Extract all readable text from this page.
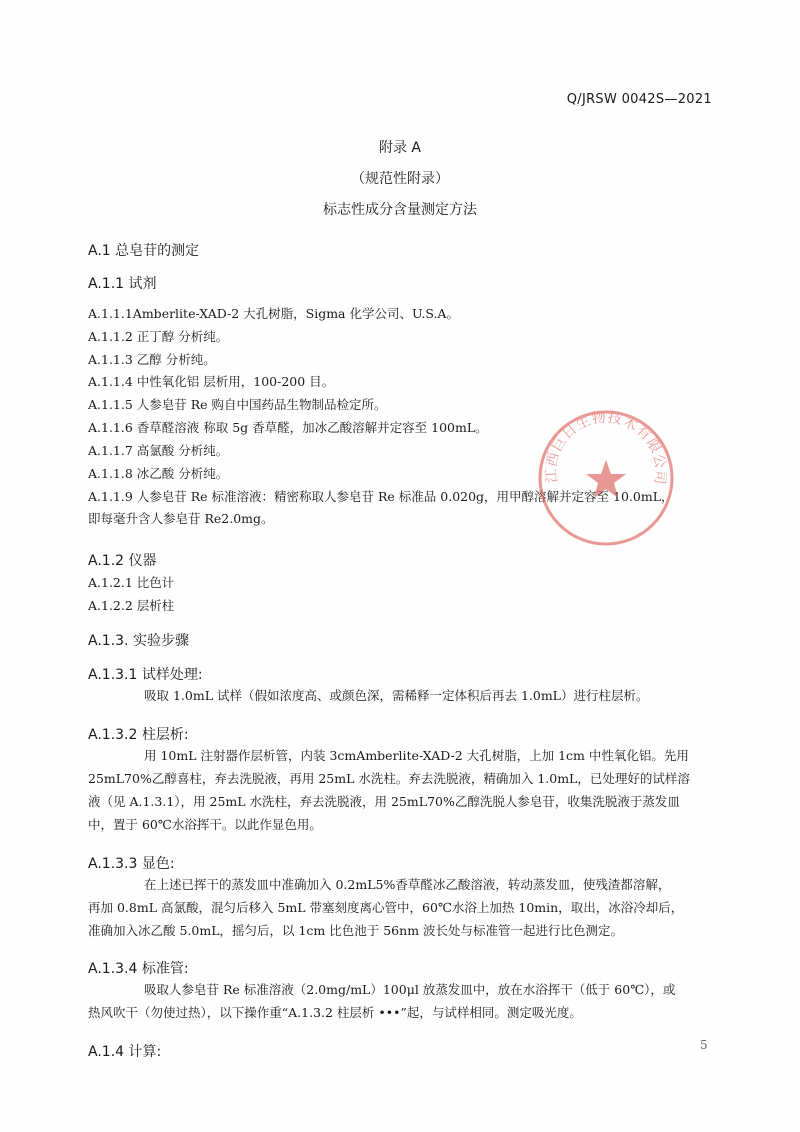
Q/JRSW 0042S—2021
附录 A
（规范性附录）
标志性成分含量测定方法
A.1 总皂苷的测定
A.1.1 试剂
A.1.1.1Amberlite-XAD-2 大孔树脂，Sigma 化学公司、U.S.A。
A.1.1.2 正丁醇 分析纯。
A.1.1.3 乙醇 分析纯。
A.1.1.4 中性氧化铝 层析用，100-200 目。
A.1.1.5 人参皂苷 Re 购自中国药品生物制品检定所。
A.1.1.6 香草醛溶液 称取 5g 香草醛，加冰乙酸溶解并定容至 100mL。
A.1.1.7 高氯酸 分析纯。
A.1.1.8 冰乙酸 分析纯。
A.1.1.9 人参皂苷 Re 标准溶液：精密称取人参皂苷 Re 标准品 0.020g，用甲醇溶解并定容至 10.0mL，
即每毫升含人参皂苷 Re2.0mg。
A.1.2 仪器
A.1.2.1 比色计
A.1.2.2 层析柱
A.1.3. 实验步骤
A.1.3.1 试样处理:
吸取 1.0mL 试样（假如浓度高、或颜色深，需稀释一定体积后再去 1.0mL）进行柱层析。
A.1.3.2 柱层析:
用 10mL 注射器作层析管，内装 3cmAmberlite-XAD-2 大孔树脂，上加 1cm 中性氧化铝。先用
25mL70%乙醇喜柱，弃去洗脱液，再用 25mL 水洗柱。弃去洗脱液，精确加入 1.0mL，已处理好的试样溶
液（见 A.1.3.1），用 25mL 水洗柱，弃去洗脱液，用 25mL70%乙醇洗脱人参皂苷，收集洗脱液于蒸发皿
中，置于 60℃水浴挥干。以此作显色用。
A.1.3.3 显色:
在上述已挥干的蒸发皿中准确加入 0.2mL5%香草醛冰乙酸溶液，转动蒸发皿，使残渣都溶解，
再加 0.8mL 高氯酸，混匀后移入 5mL 带塞刻度离心管中，60℃水浴上加热 10min，取出，冰浴冷却后，
准确加入冰乙酸 5.0mL，摇匀后，以 1cm 比色池于 56nm 波长处与标准管一起进行比色测定。
A.1.3.4 标准管:
吸取人参皂苷 Re 标准溶液（2.0mg/mL）100μl 放蒸发皿中，放在水浴挥干（低于 60℃），或
热风吹干（勿使过热），以下操作重“A.1.3.2 柱层析 •••”起，与试样相同。测定吸光度。
A.1.4 计算:	5
江西巨日生物技术有限公司
